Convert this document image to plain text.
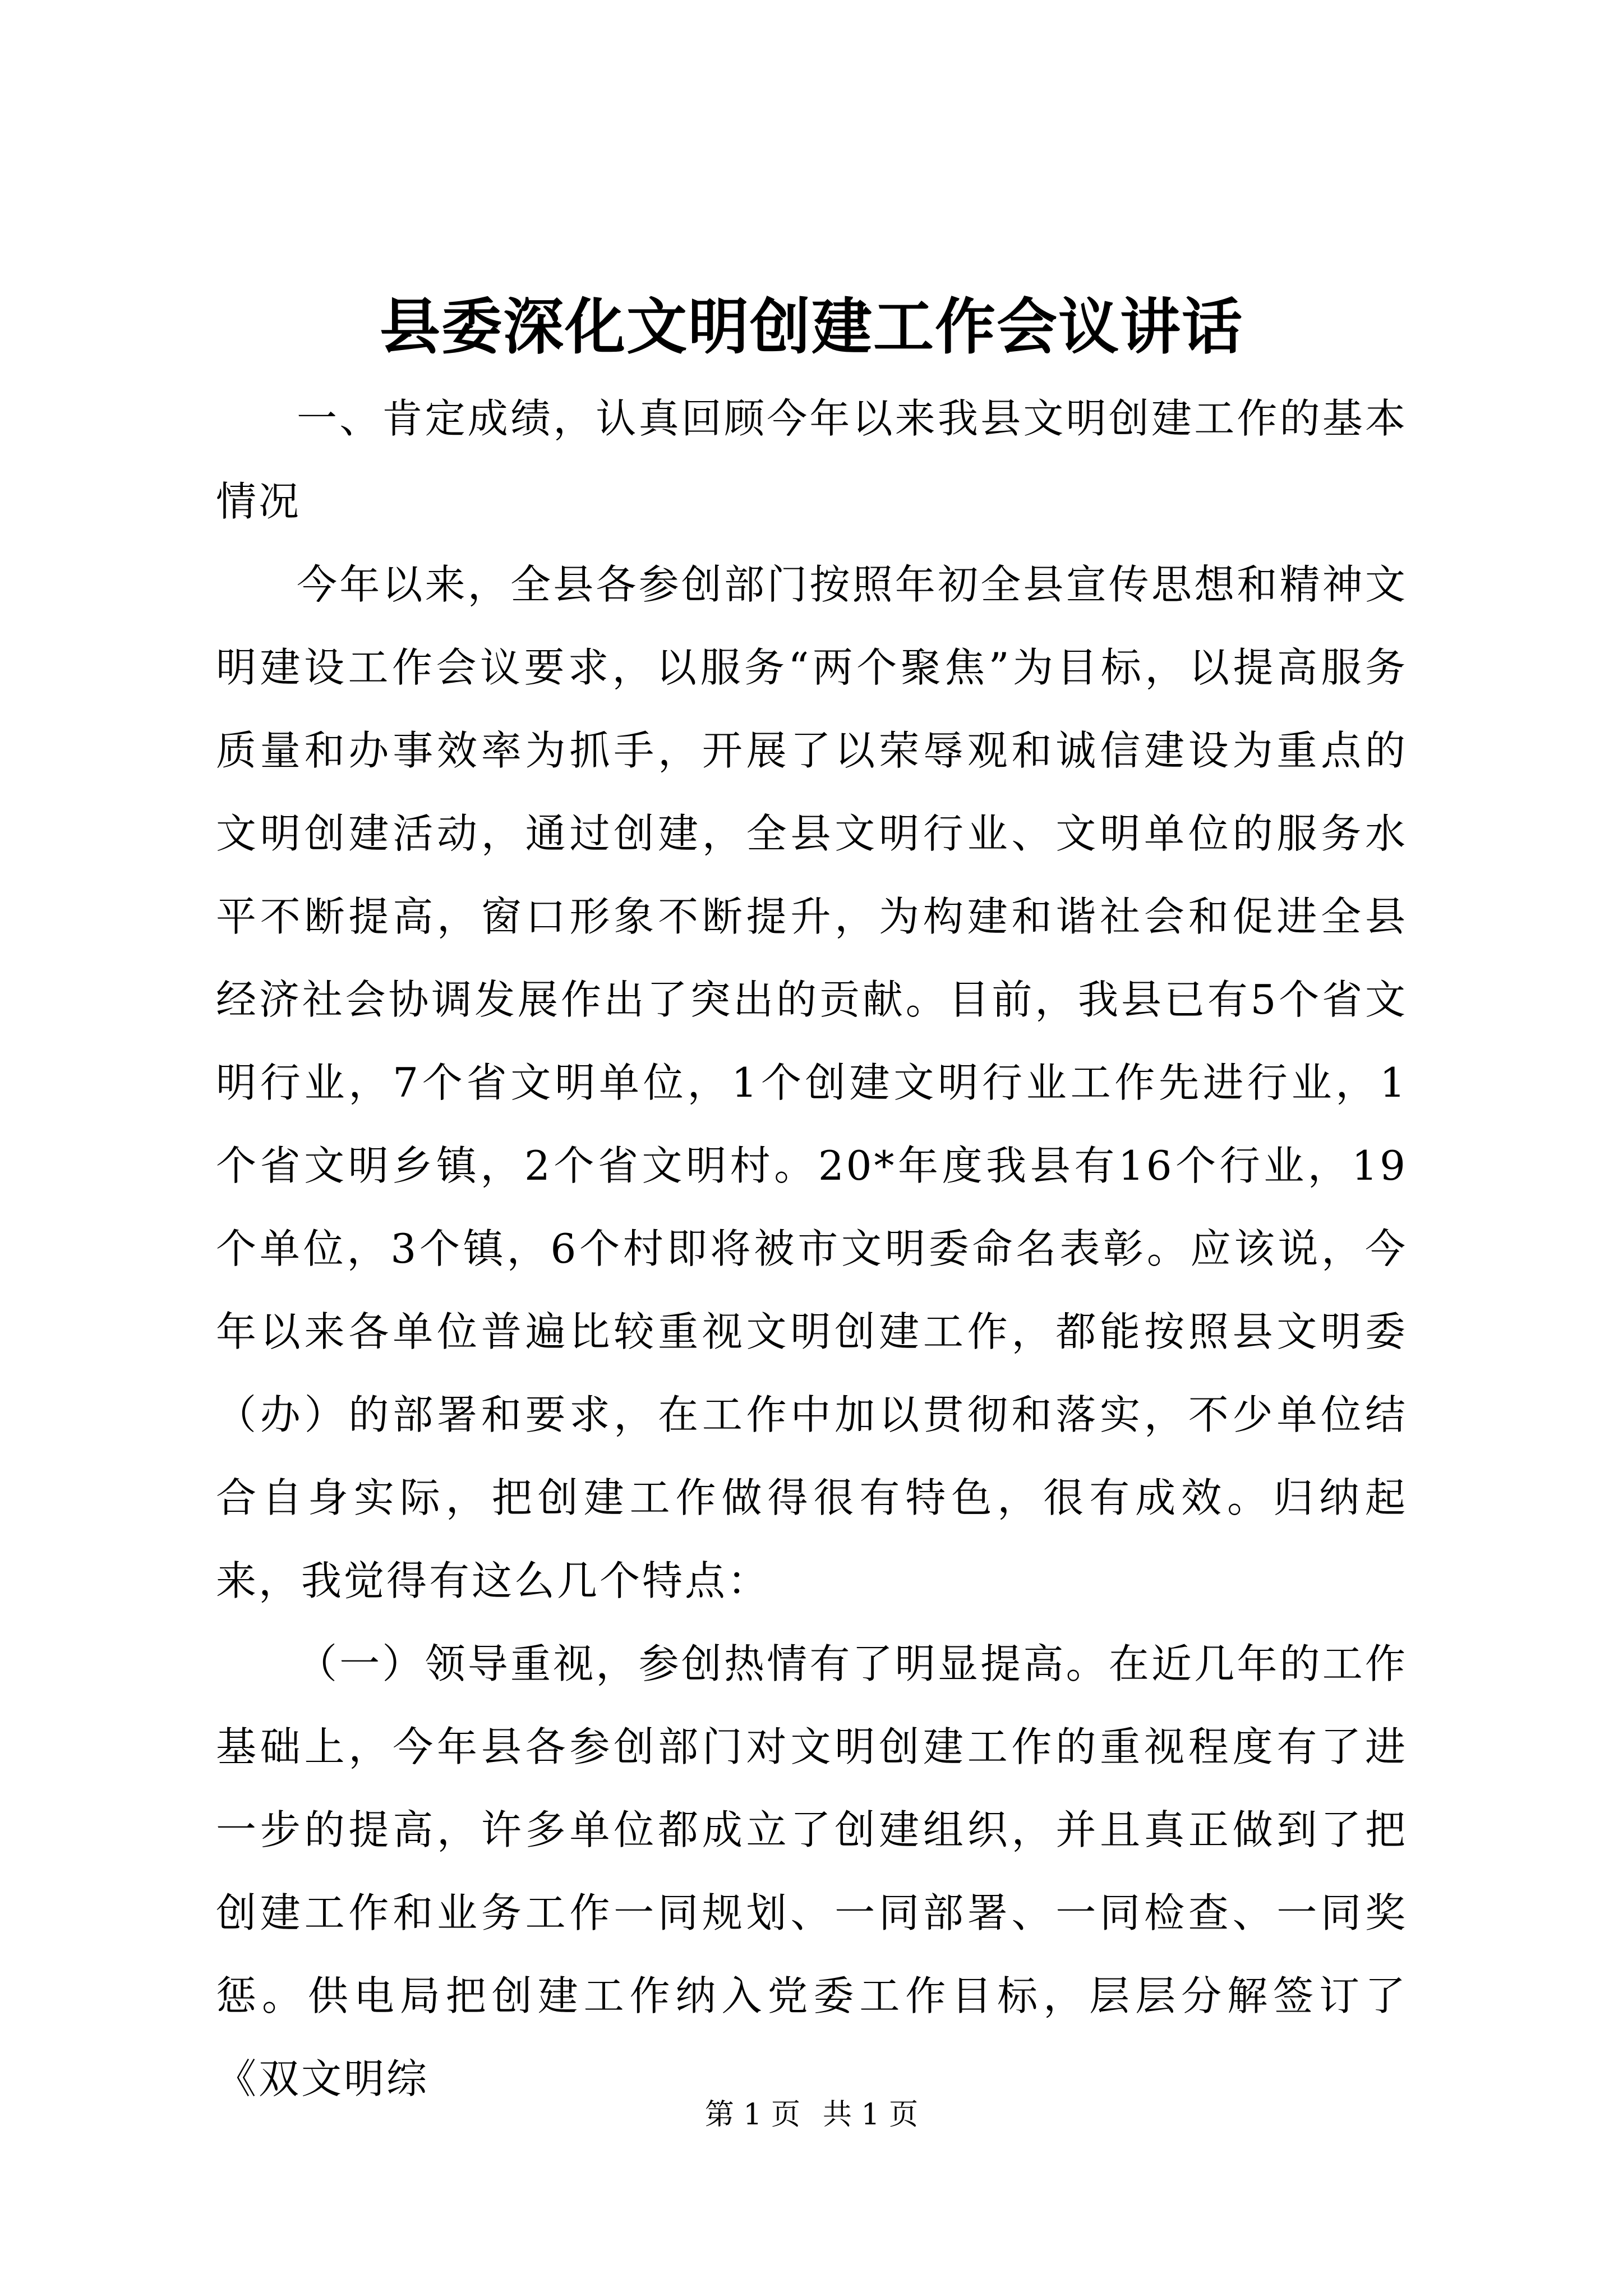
县委深化文明创建工作会议讲话

一、肯定成绩，认真回顾今年以来我县文明创建工作的基本情况

今年以来，全县各参创部门按照年初全县宣传思想和精神文明建设工作会议要求，以服务“两个聚焦”为目标，以提高服务质量和办事效率为抓手，开展了以荣辱观和诚信建设为重点的文明创建活动，通过创建，全县文明行业、文明单位的服务水平不断提高，窗口形象不断提升，为构建和谐社会和促进全县经济社会协调发展作出了突出的贡献。目前，我县已有5个省文明行业，7个省文明单位，1个创建文明行业工作先进行业，1个省文明乡镇，2个省文明村。20*年度我县有16个行业，19个单位，3个镇，6个村即将被市文明委命名表彰。应该说，今年以来各单位普遍比较重视文明创建工作，都能按照县文明委（办）的部署和要求，在工作中加以贯彻和落实，不少单位结合自身实际，把创建工作做得很有特色，很有成效。归纳起来，我觉得有这么几个特点：

（一）领导重视，参创热情有了明显提高。在近几年的工作基础上，今年县各参创部门对文明创建工作的重视程度有了进一步的提高，许多单位都成立了创建组织，并且真正做到了把创建工作和业务工作一同规划、一同部署、一同检查、一同奖惩。供电局把创建工作纳入党委工作目标，层层分解签订了《双文明综

第 1 页 共 1 页
